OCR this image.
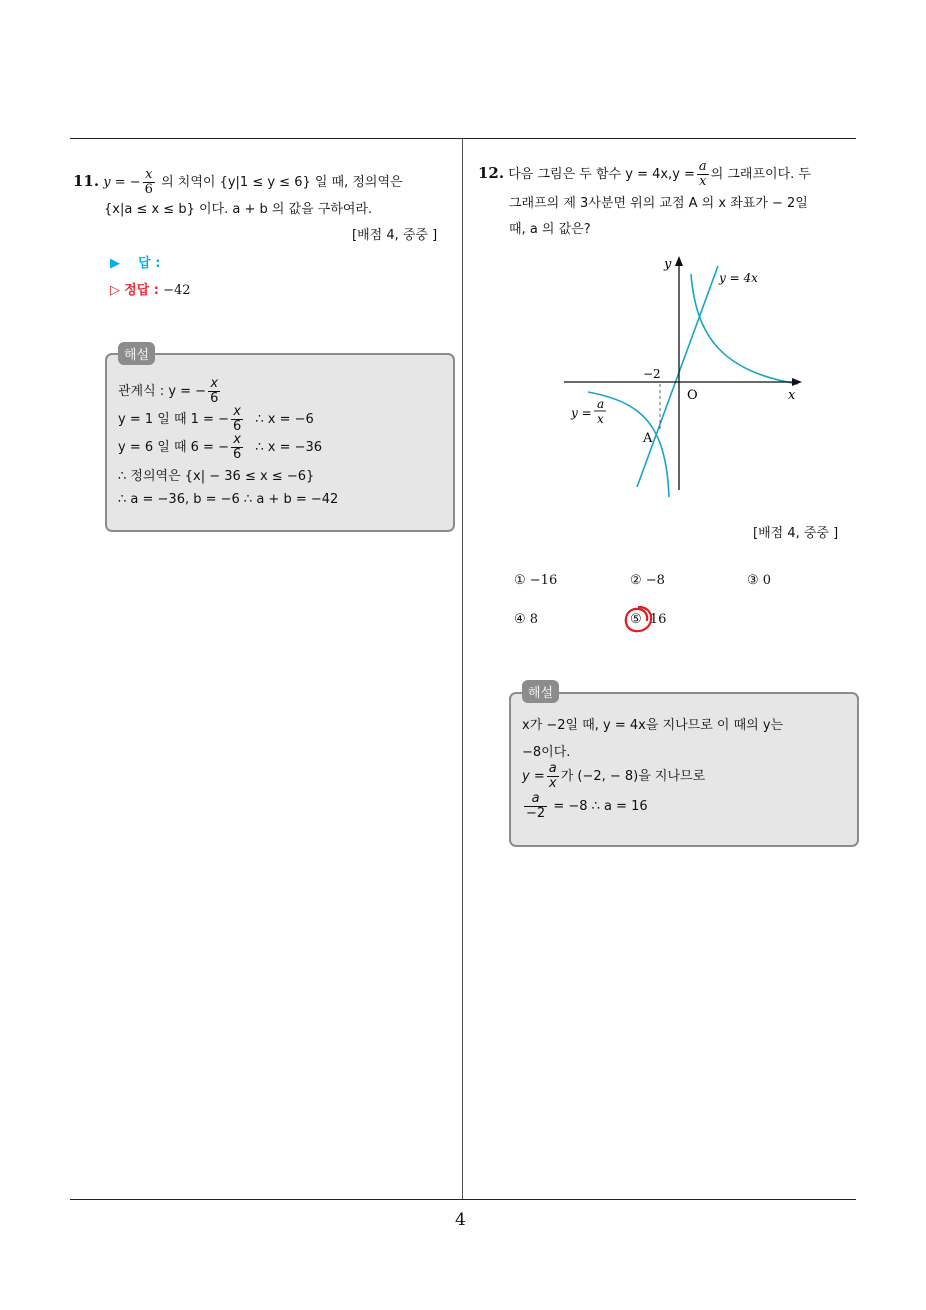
4
11. y = − $\frac{x}{6}$ 의 치역이 {y|1 ≤ y ≤ 6} 일 때, 정의역은
{x|a ≤ x ≤ b} 이다. a + b 의 값을 구하여라.
[배점 4, 중중 ]
▶ 답 :
▷ 정답 : −42
해설
관계식 : y = − $\frac{x}{6}$
y = 1 일 때 1 = − $\frac{x}{6}$ ∴ x = −6
y = 6 일 때 6 = − $\frac{x}{6}$ ∴ x = −36
∴ 정의역은 {x| − 36 ≤ x ≤ −6}
∴ a = −36, b = −6 ∴ a + b = −42
12. 다음 그림은 두 함수 $y = 4x,y = \frac{a}{x}$ 의 그래프이다. 두
그래프의 제 3사분면 위의 교점 A 의 x 좌표가 − 2일
때, a 의 값은?
y
x
O
−2
y = 4x
y =
a
x
A
[배점 4, 중중 ]
① −16	② −8	③ 0
④ 8	⑤ 16
해설
x가 −2일 때, y = 4x을 지나므로 이 때의 y는
−8이다.
$y = \frac{a}{x}$ 가 (−2, − 8)을 지나므로
$\frac{a}{-2} = -8$ ∴ a = 16
